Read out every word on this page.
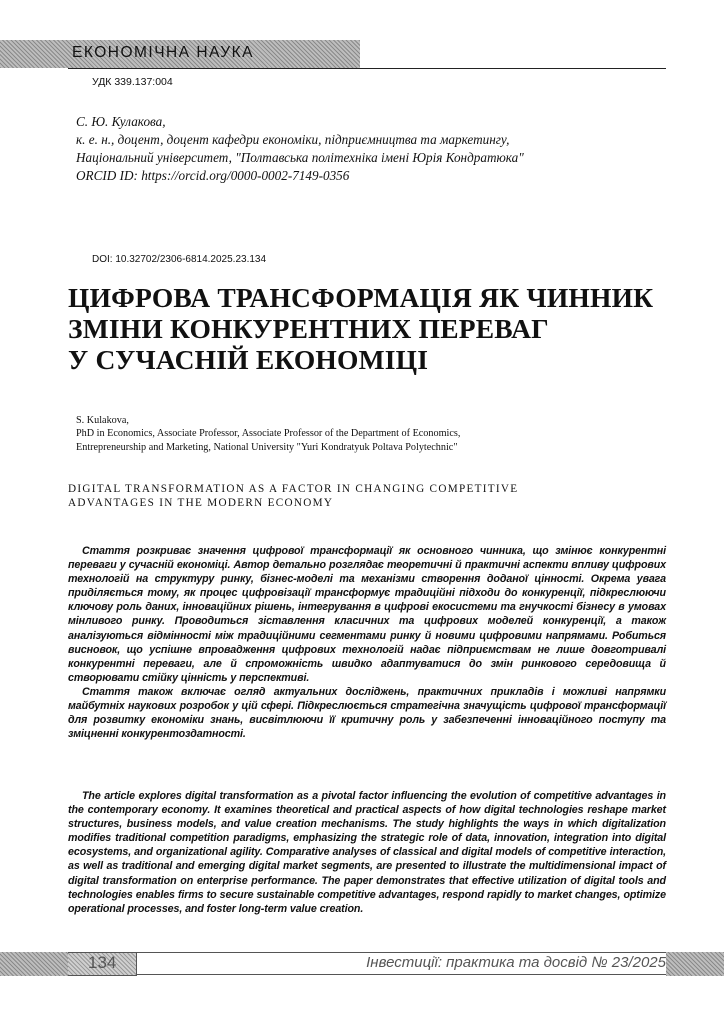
ЕКОНОМІЧНА НАУКА
УДК 339.137:004
С. Ю. Кулакова,
к. е. н., доцент, доцент кафедри економіки, підприємництва та маркетингу,
Національний університет, "Полтавська політехніка імені Юрія Кондратюка"
ORCID ID: https://orcid.org/0000-0002-7149-0356
DOI: 10.32702/2306-6814.2025.23.134
ЦИФРОВА ТРАНСФОРМАЦІЯ ЯК ЧИННИК
ЗМІНИ КОНКУРЕНТНИХ ПЕРЕВАГ
У СУЧАСНІЙ ЕКОНОМІЦІ
S. Kulakova,
PhD in Economics, Associate Professor, Associate Professor of the Department of Economics,
Entrepreneurship and Marketing, National University "Yuri Kondratyuk Poltava Polytechnic"
DIGITAL TRANSFORMATION AS A FACTOR IN CHANGING COMPETITIVE
ADVANTAGES IN THE MODERN ECONOMY

Стаття розкриває значення цифрової трансформації як основного чинника, що змінює конкурентні переваги у сучасній економіці. Автор детально розглядає теоретичні й практичні аспекти впливу цифрових технологій на структуру ринку, бізнес-моделі та механізми створення доданої цінності. Окрема увага приділяється тому, як процес цифровізації трансформує традиційні підходи до конкуренції, підкреслюючи ключову роль даних, інноваційних рішень, інтегрування в цифрові екосистеми та гнучкості бізнесу в умовах мінливого ринку. Проводиться зіставлення класичних та цифрових моделей конкуренції, а також аналізуються відмінності між традиційними сегментами ринку й новими цифровими напрямами. Робиться висновок, що успішне впровадження цифрових технологій надає підприємствам не лише довготривалі конкурентні переваги, але й спроможність швидко адаптуватися до змін ринкового середовища й створювати стійку цінність у перспективі.

Стаття також включає огляд актуальних досліджень, практичних прикладів і можливі напрямки майбутніх наукових розробок у цій сфері. Підкреслюється стратегічна значущість цифрової трансформації для розвитку економіки знань, висвітлюючи її критичну роль у забезпеченні інноваційного поступу та зміцненні конкурентоздатності.

The article explores digital transformation as a pivotal factor influencing the evolution of competitive advantages in the contemporary economy. It examines theoretical and practical aspects of how digital technologies reshape market structures, business models, and value creation mechanisms. The study highlights the ways in which digitalization modifies traditional competition paradigms, emphasizing the strategic role of data, innovation, integration into digital ecosystems, and organizational agility. Comparative analyses of classical and digital models of competitive interaction, as well as traditional and emerging digital market segments, are presented to illustrate the multidimensional impact of digital transformation on enterprise performance. The paper demonstrates that effective utilization of digital tools and technologies enables firms to secure sustainable competitive advantages, respond rapidly to market changes, optimize operational processes, and foster long-term value creation.

134	Інвестиції: практика та досвід № 23/2025
